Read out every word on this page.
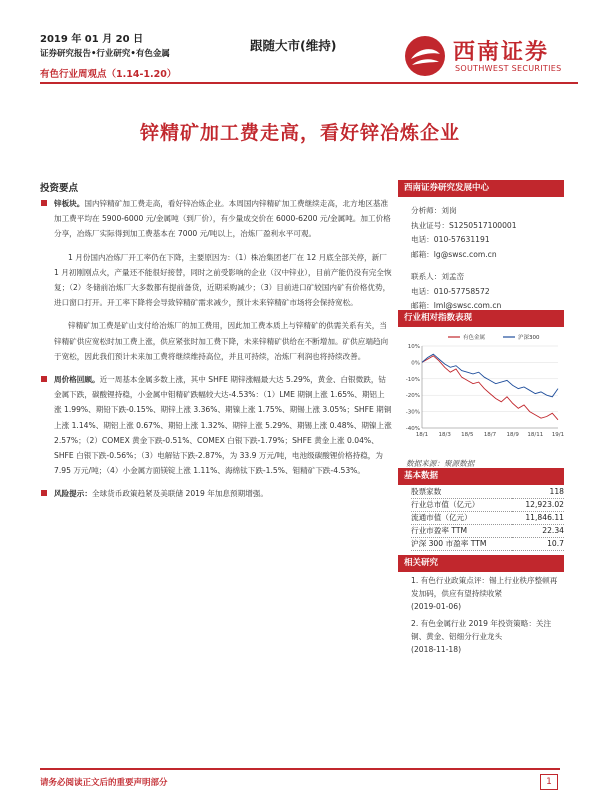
2019 年 01 月 20 日
证券研究报告•行业研究•有色金属
有色行业周观点（1.14-1.20）
跟随大市(维持)	西南证券
SOUTHWEST SECURITIES
锌精矿加工费走高，看好锌冶炼企业
投资要点
锌板块。国内锌精矿加工费走高，看好锌冶炼企业。本周国内锌精矿加工费继续走高，北方地区基准加工费平均在 5900-6000 元/金属吨（到厂价），有少量成交价在 6000-6200 元/金属吨。加工价格分享，冶炼厂实际得到加工费基本在 7000 元/吨以上，冶炼厂盈利水平可观。
1 月份国内冶炼厂开工率仍在下降，主要原因为：（1）株冶集团老厂在 12 月底全部关停，新厂 1 月初刚刚点火，产量还不能很好接替，同时之前受影响的企业（汉中锌业），目前产能仍没有完全恢复；（2）冬储前冶炼厂大多数都有提前备货，近期采购减少；（3）目前进口矿较国内矿有价格优势，进口窗口打开。开工率下降将会导致锌精矿需求减少，预计未来锌精矿市场将会保持宽松。
锌精矿加工费是矿山支付给冶炼厂的加工费用，因此加工费本质上与锌精矿的供需关系有关，当锌精矿供应宽松时加工费上涨，供应紧张时加工费下降，未来锌精矿供给在不断增加。矿供应端趋向于宽松，因此我们预计未来加工费将继续维持高位，并且可持续，冶炼厂利润也将持续改善。
周价格回顾。近一周基本金属多数上涨，其中 SHFE 期锌涨幅最大达 5.29%，黄金、白银微跌，钴金属下跌，碳酸锂持稳，小金属中钼精矿跌幅较大达-4.53%：（1）LME 期铜上涨 1.65%、期铝上涨 1.99%、期铅下跌-0.15%、期锌上涨 3.36%、期镍上涨 1.75%、期锡上涨 3.05%；SHFE 期铜上涨 1.14%、期铝上涨 0.67%、期铅上涨 1.32%、期锌上涨 5.29%、期锡上涨 0.48%、期镍上涨 2.57%；（2）COMEX 黄金下跌-0.51%、COMEX 白银下跌-1.79%；SHFE 黄金上涨 0.04%、SHFE 白银下跌-0.56%；（3）电解钴下跌-2.87%，为 33.9 万元/吨，电池级碳酸锂价格持稳，为 7.95 万元/吨；（4）小金属方面镁锭上涨 1.11%、海绵钛下跌-1.5%、钼精矿下跌-4.53%。
风险提示：全球货币政策趋紧及美联储 2019 年加息预期增强。
西南证券研究发展中心
分析师：刘岗
执业证号：S1250517100001
电话：010-57631191
邮箱：lg@swsc.com.cn
联系人：刘孟峦
电话：010-57758572
邮箱：lml@swsc.com.cn
行业相对指数表现
有色金属	沪深300
10%
0%
-10%
-20%
-30%
-40%
18/1 18/3 18/5 18/7 18/9 18/11 19/1
数据来源：聚源数据
基本数据
股票家数	118
行业总市值（亿元）	12,923.02
流通市值（亿元）	11,846.11
行业市盈率 TTM	22.34
沪深 300 市盈率 TTM	10.7
相关研究
1. 有色行业政策点评：锡上行业秩序整顿再发加码，供应有望持续收紧
(2019-01-06)
2. 有色金属行业 2019 年投资策略：关注铜、黄金、铝细分行业龙头
(2018-11-18)
请务必阅读正文后的重要声明部分	1
